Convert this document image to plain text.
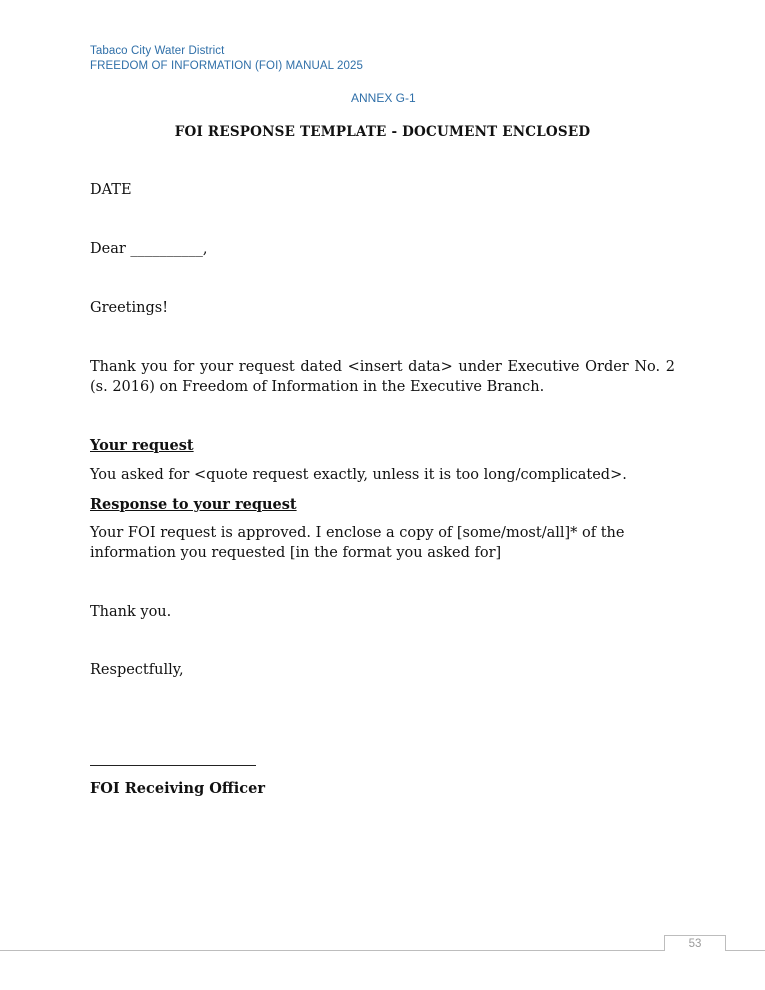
Tabaco City Water District
FREEDOM OF INFORMATION (FOI) MANUAL 2025
ANNEX G-1
FOI RESPONSE TEMPLATE - DOCUMENT ENCLOSED
DATE
Dear __________,
Greetings!
Thank you for your request dated <insert data> under Executive Order No. 2 (s. 2016) on Freedom of Information in the Executive Branch.
Your request
You asked for <quote request exactly, unless it is too long/complicated>.
Response to your request
Your FOI request is approved. I enclose a copy of [some/most/all]* of the information you requested [in the format you asked for]
Thank you.
Respectfully,
FOI Receiving Officer
53
